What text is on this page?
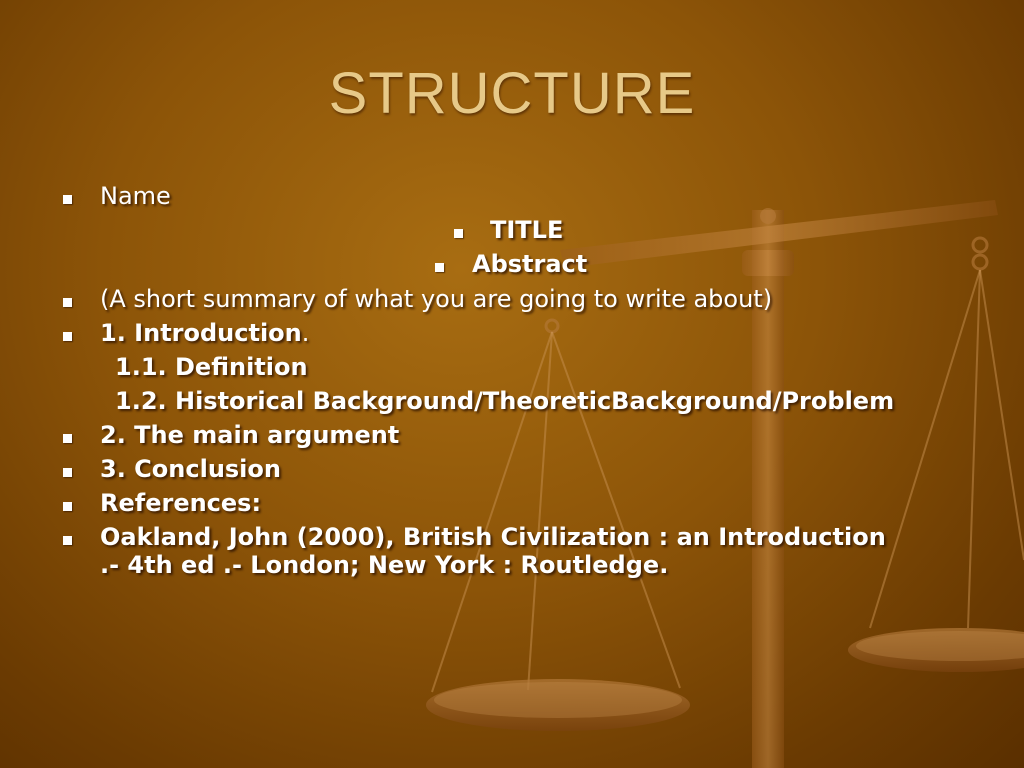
STRUCTURE
Name
TITLE
Abstract
(A short summary of what you are going to write about)
1. Introduction.
1.1. Definition
1.2. Historical Background/TheoreticBackground/Problem
2. The main argument
3. Conclusion
References:
Oakland, John (2000), British Civilization : an Introduction
.- 4th ed .- London; New York : Routledge.
